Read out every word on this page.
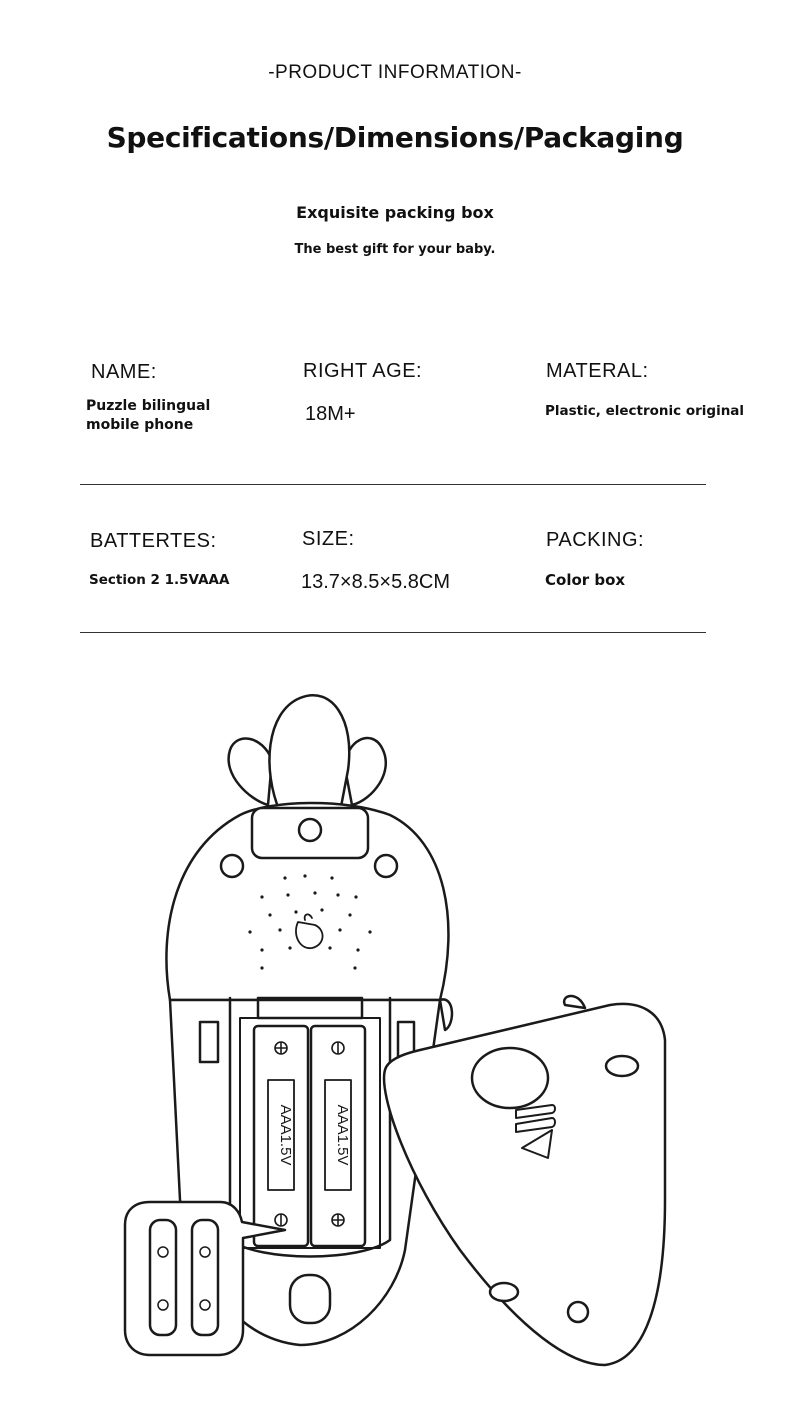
-PRODUCT INFORMATION-
Specifications/Dimensions/Packaging
Exquisite packing box
The best gift for your baby.
NAME:
Puzzle bilingual
mobile phone
RIGHT AGE:
18M+
MATERAL:
Plastic, electronic original
BATTERTES:
Section 2 1.5VAAA
SIZE:
13.7×8.5×5.8CM
PACKING:
Color box
AAA1.5V	AAA1.5V
